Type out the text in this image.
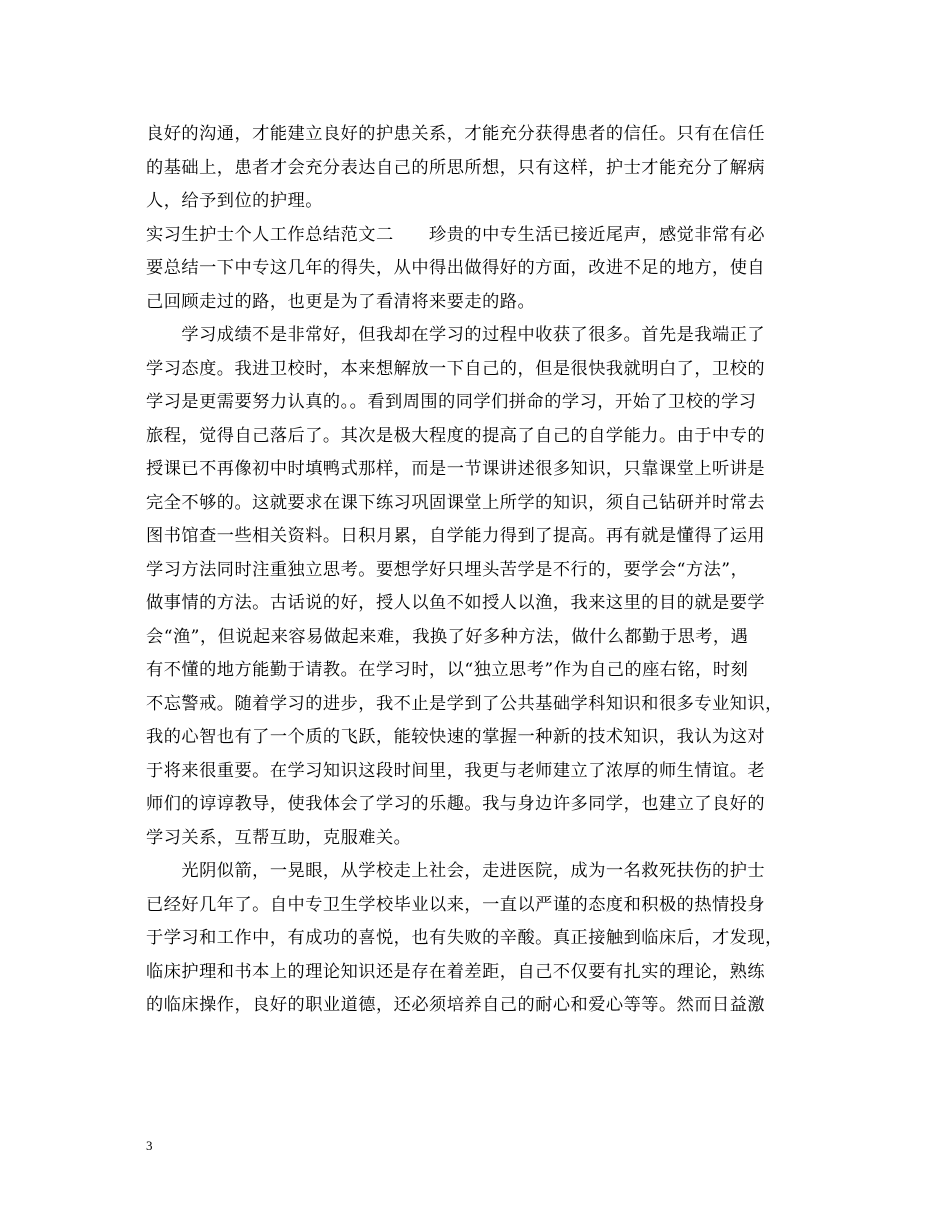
良好的沟通，才能建立良好的护患关系，才能充分获得患者的信任。只有在信任
的基础上，患者才会充分表达自己的所思所想，只有这样，护士才能充分了解病
人，给予到位的护理。
实习生护士个人工作总结范文二　　珍贵的中专生活已接近尾声，感觉非常有必
要总结一下中专这几年的得失，从中得出做得好的方面，改进不足的地方，使自
己回顾走过的路，也更是为了看清将来要走的路。
　　学习成绩不是非常好，但我却在学习的过程中收获了很多。首先是我端正了
学习态度。我进卫校时，本来想解放一下自己的，但是很快我就明白了，卫校的
学习是更需要努力认真的。。看到周围的同学们拼命的学习，开始了卫校的学习
旅程，觉得自己落后了。其次是极大程度的提高了自己的自学能力。由于中专的
授课已不再像初中时填鸭式那样，而是一节课讲述很多知识，只靠课堂上听讲是
完全不够的。这就要求在课下练习巩固课堂上所学的知识，须自己钻研并时常去
图书馆查一些相关资料。日积月累，自学能力得到了提高。再有就是懂得了运用
学习方法同时注重独立思考。要想学好只埋头苦学是不行的，要学会“方法”，
做事情的方法。古话说的好，授人以鱼不如授人以渔，我来这里的目的就是要学
会“渔”，但说起来容易做起来难，我换了好多种方法，做什么都勤于思考，遇
有不懂的地方能勤于请教。在学习时，以“独立思考”作为自己的座右铭，时刻
不忘警戒。随着学习的进步，我不止是学到了公共基础学科知识和很多专业知识，
我的心智也有了一个质的飞跃，能较快速的掌握一种新的技术知识，我认为这对
于将来很重要。在学习知识这段时间里，我更与老师建立了浓厚的师生情谊。老
师们的谆谆教导，使我体会了学习的乐趣。我与身边许多同学，也建立了良好的
学习关系，互帮互助，克服难关。
　　光阴似箭，一晃眼，从学校走上社会，走进医院，成为一名救死扶伤的护士
已经好几年了。自中专卫生学校毕业以来，一直以严谨的态度和积极的热情投身
于学习和工作中，有成功的喜悦，也有失败的辛酸。真正接触到临床后，才发现，
临床护理和书本上的理论知识还是存在着差距，自己不仅要有扎实的理论，熟练
的临床操作，良好的职业道德，还必须培养自己的耐心和爱心等等。然而日益激
3
